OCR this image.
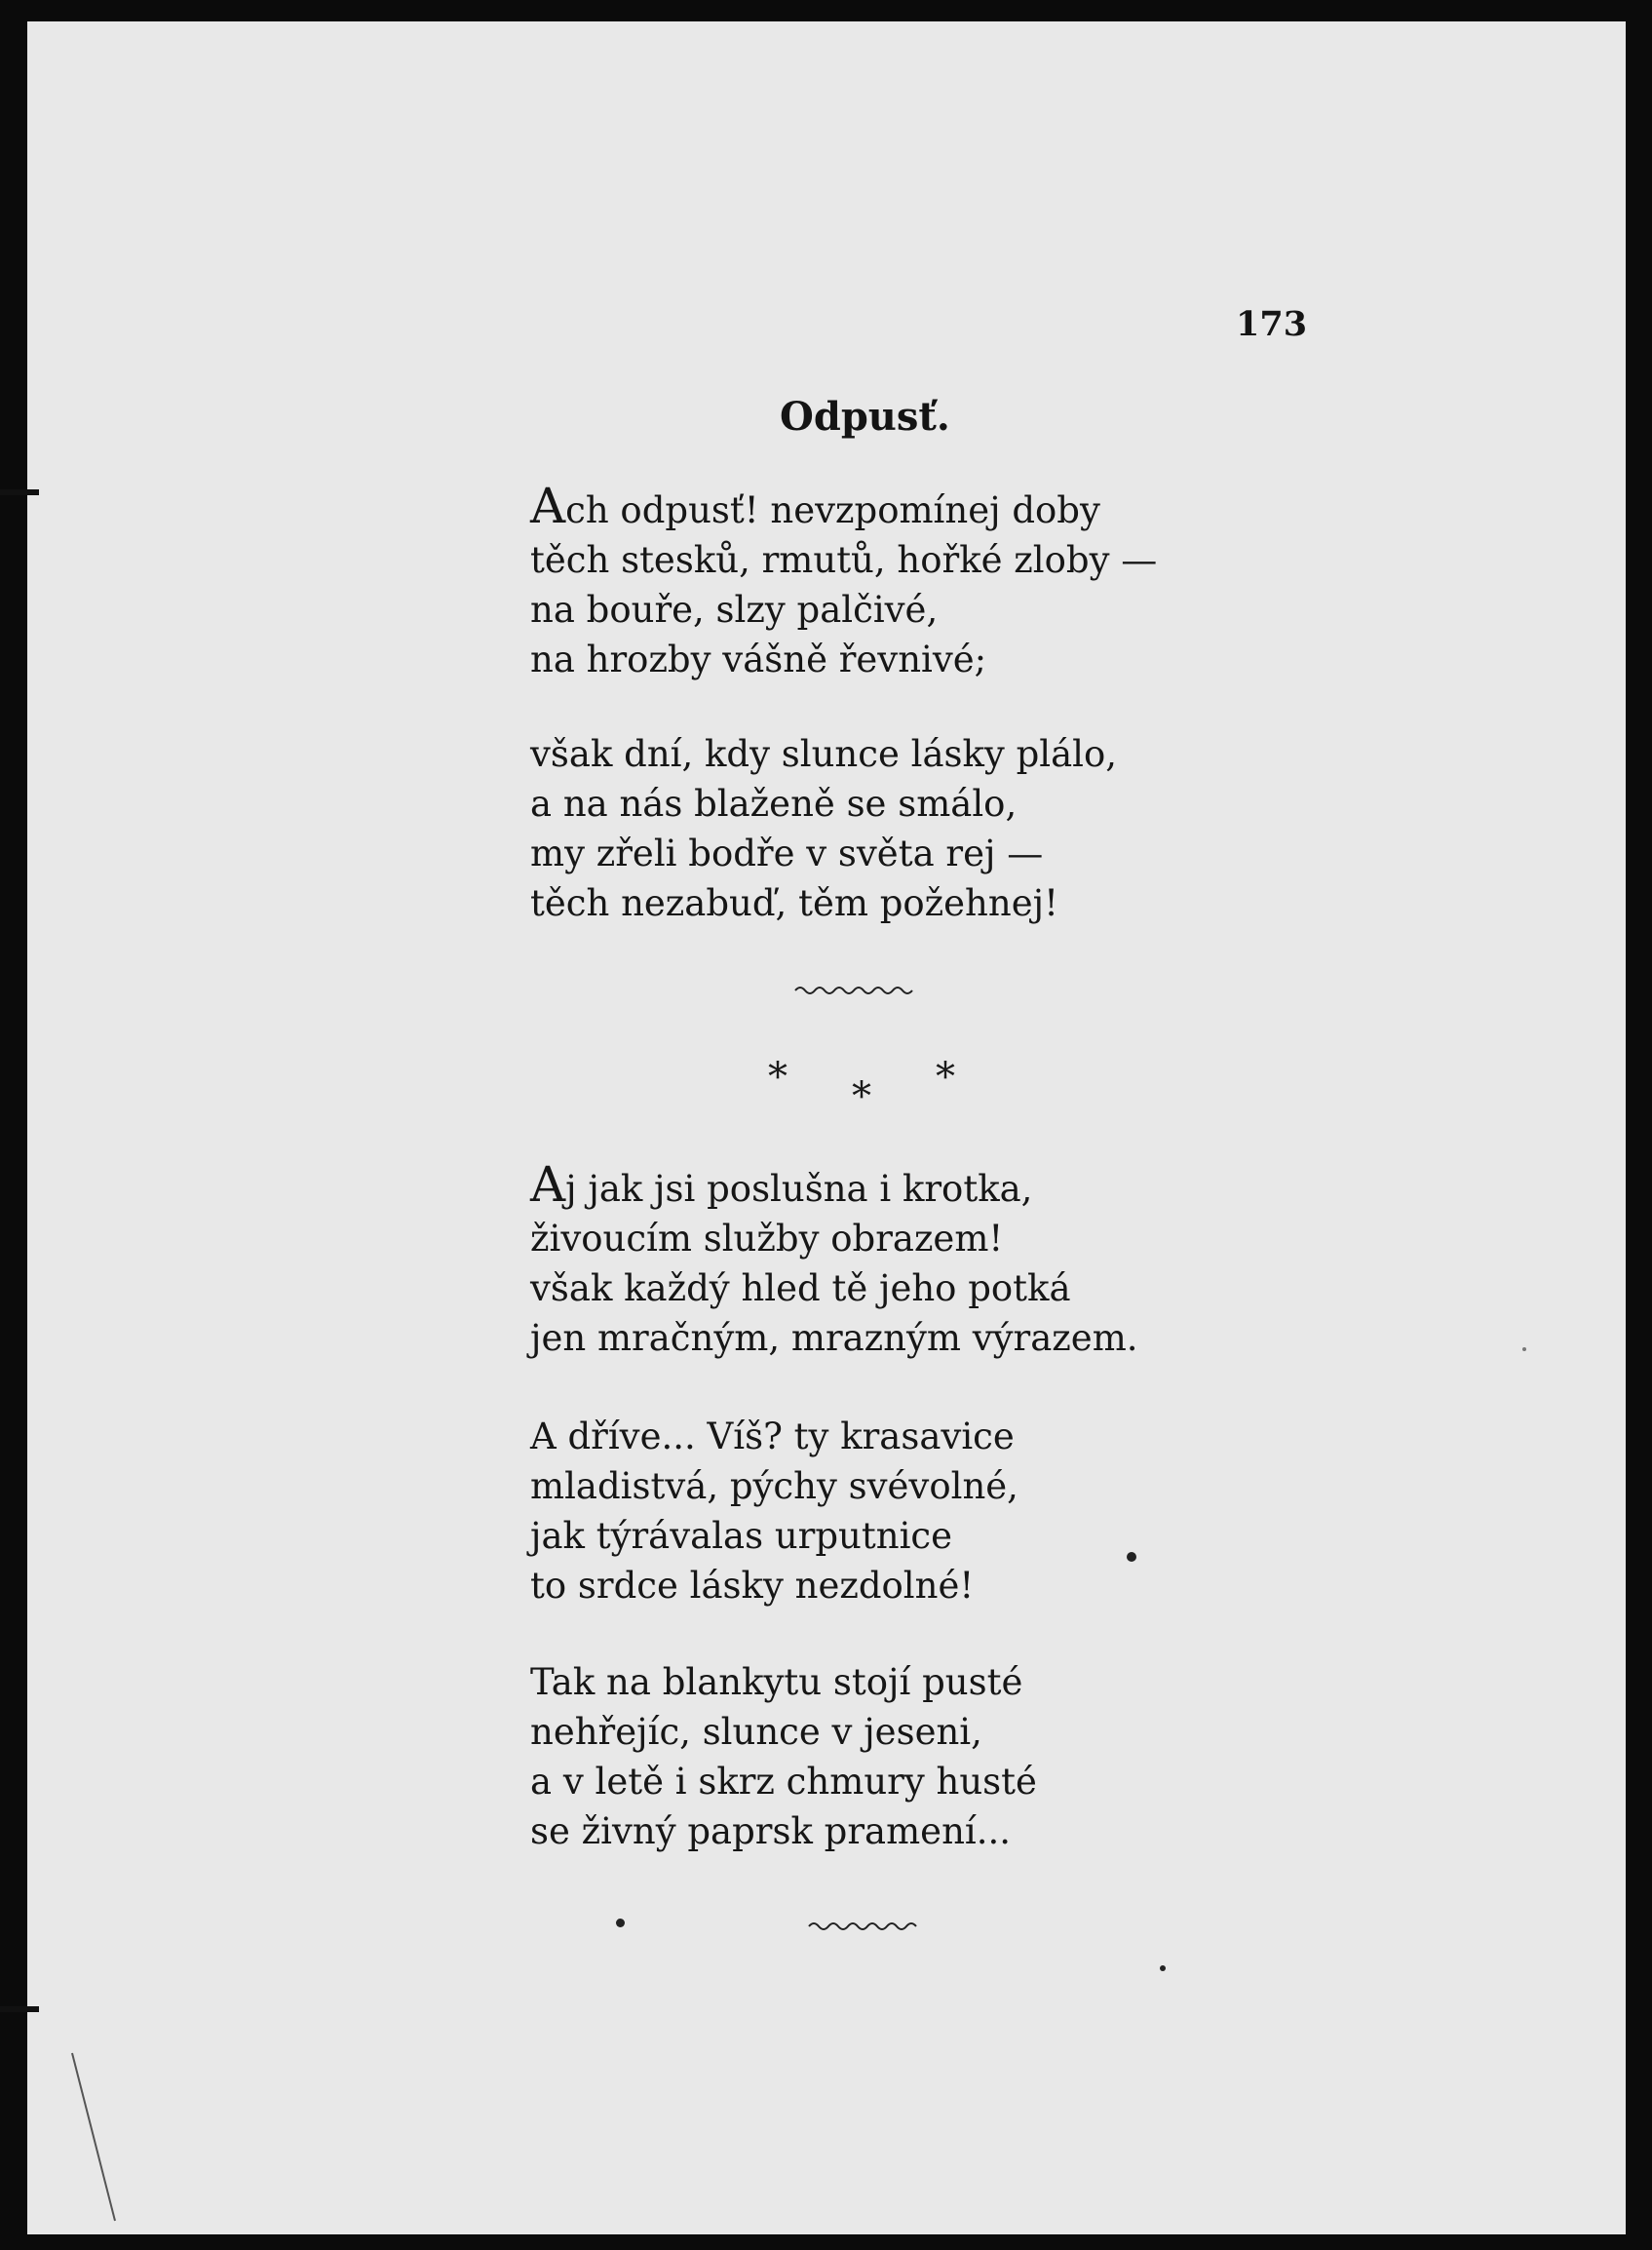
173
Odpusť.
Ach odpusť! nevzpomínej doby
těch stesků, rmutů, hořké zloby —
na bouře, slzy palčivé,
na hrozby vášně řevnivé;
však dní, kdy slunce lásky plálo,
a na nás blaženě se smálo,
my zřeli bodře v světa rej —
těch nezabuď, těm požehnej!
* * *
Aj jak jsi poslušna i krotka,
živoucím služby obrazem!
však každý hled tě jeho potká
jen mračným, mrazným výrazem.
A dříve... Víš? ty krasavice
mladistvá, pýchy svévolné,
jak týrávalas urputnice
to srdce lásky nezdolné!
Tak na blankytu stojí pusté
nehřejíc, slunce v jeseni,
a v letě i skrz chmury husté
se živný paprsk pramení...
